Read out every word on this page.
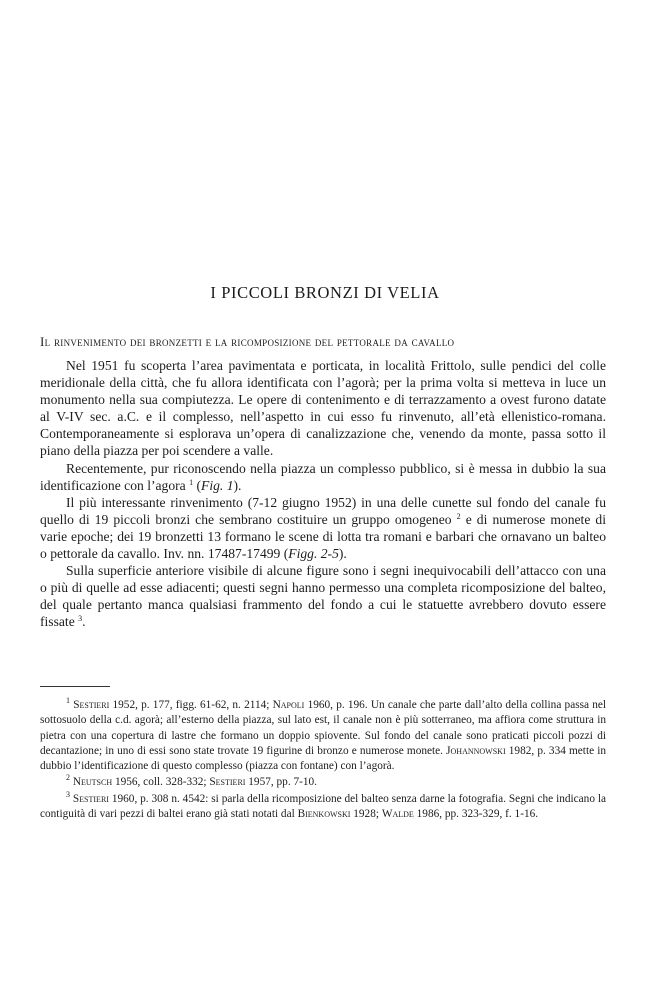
I PICCOLI BRONZI DI VELIA
Il rinvenimento dei bronzetti e la ricomposizione del pettorale da cavallo

Nel 1951 fu scoperta l’area pavimentata e porticata, in località Frittolo, sulle pendici del colle meridionale della città, che fu allora identificata con l’agorà; per la prima volta si metteva in luce un monumento nella sua compiutezza. Le opere di contenimento e di terrazzamento a ovest furono datate al V-IV sec. a.C. e il complesso, nell’aspetto in cui esso fu rinvenuto, all’età ellenistico-romana. Contemporaneamente si esplorava un’opera di canalizzazione che, venendo da monte, passa sotto il piano della piazza per poi scendere a valle.

Recentemente, pur riconoscendo nella piazza un complesso pubblico, si è messa in dubbio la sua identificazione con l’agora $^1$ (Fig. 1).

Il più interessante rinvenimento (7-12 giugno 1952) in una delle cunette sul fondo del canale fu quello di 19 piccoli bronzi che sembrano costituire un gruppo omogeneo $^2$ e di numerose monete di varie epoche; dei 19 bronzetti 13 formano le scene di lotta tra romani e barbari che ornavano un balteo o pettorale da cavallo. Inv. nn. 17487-17499 (Figg. 2-5).

Sulla superficie anteriore visibile di alcune figure sono i segni inequivocabili dell’attacco con una o più di quelle ad esse adiacenti; questi segni hanno permesso una completa ricomposizione del balteo, del quale pertanto manca qualsiasi frammento del fondo a cui le statuette avrebbero dovuto essere fissate $^3$.

$^1$ Sestieri 1952, p. 177, figg. 61-62, n. 2114; Napoli 1960, p. 196. Un canale che parte dall’alto della collina passa nel sottosuolo della c.d. agorà; all’esterno della piazza, sul lato est, il canale non è più sotterraneo, ma affiora come struttura in pietra con una copertura di lastre che formano un doppio spiovente. Sul fondo del canale sono praticati piccoli pozzi di decantazione; in uno di essi sono state trovate 19 figurine di bronzo e numerose monete. Johannowski 1982, p. 334 mette in dubbio l’identificazione di questo complesso (piazza con fontane) con l’agorà.

$^2$ Neutsch 1956, coll. 328-332; Sestieri 1957, pp. 7-10.

$^3$ Sestieri 1960, p. 308 n. 4542: si parla della ricomposizione del balteo senza darne la fotografia. Segni che indicano la contiguità di vari pezzi di baltei erano già stati notati dal Bienkowski 1928; Walde 1986, pp. 323-329, f. 1-16.
